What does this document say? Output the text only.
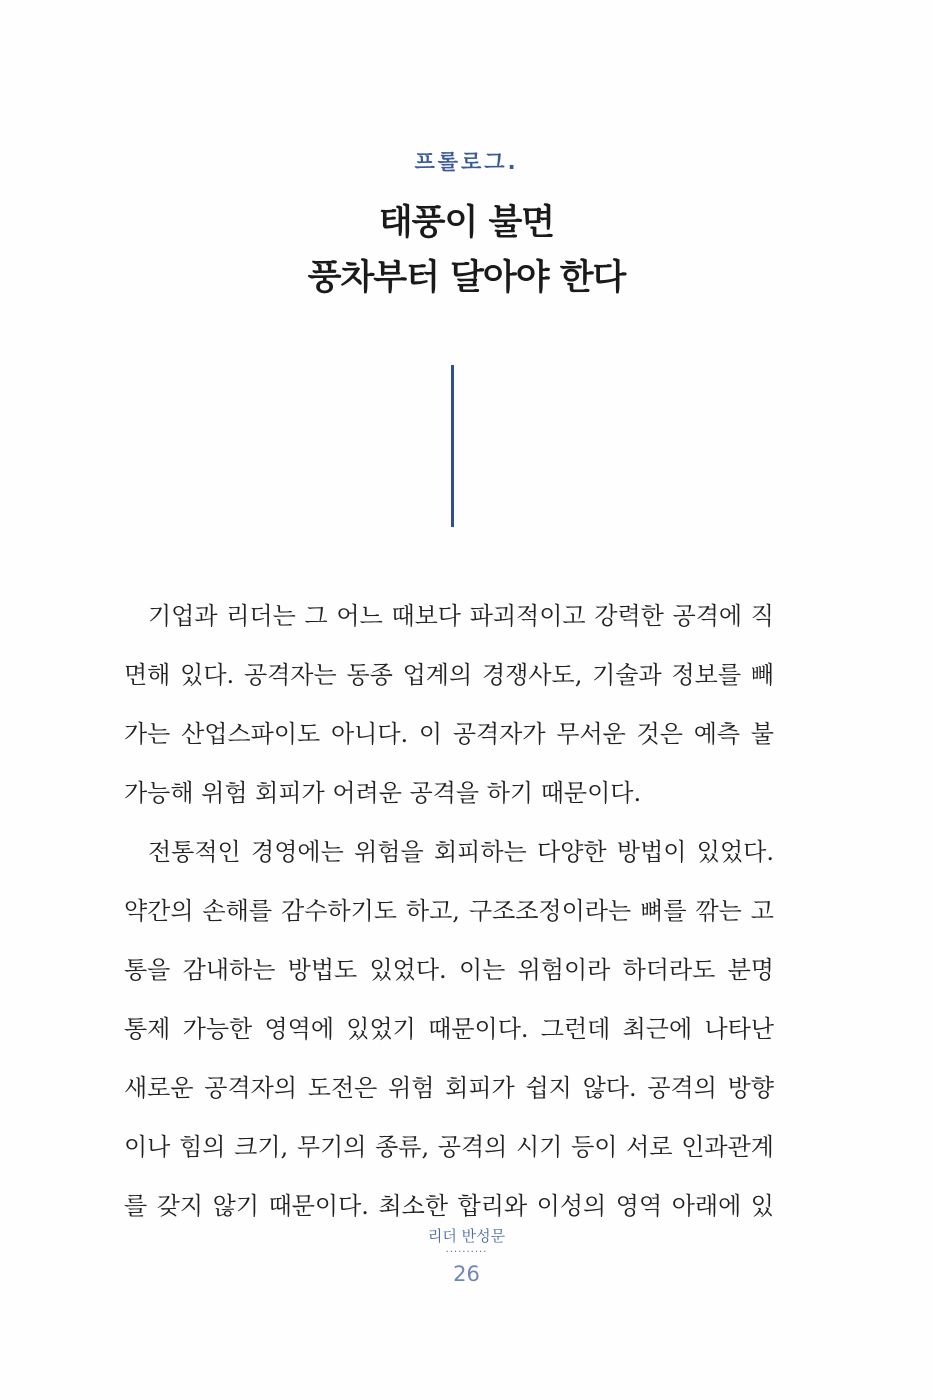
프롤로그.
태풍이 불면
풍차부터 달아야 한다
기업과 리더는 그 어느 때보다 파괴적이고 강력한 공격에 직
면해 있다. 공격자는 동종 업계의 경쟁사도, 기술과 정보를 빼
가는 산업스파이도 아니다. 이 공격자가 무서운 것은 예측 불
가능해 위험 회피가 어려운 공격을 하기 때문이다.
전통적인 경영에는 위험을 회피하는 다양한 방법이 있었다.
약간의 손해를 감수하기도 하고, 구조조정이라는 뼈를 깎는 고
통을 감내하는 방법도 있었다. 이는 위험이라 하더라도 분명
통제 가능한 영역에 있었기 때문이다. 그런데 최근에 나타난
새로운 공격자의 도전은 위험 회피가 쉽지 않다. 공격의 방향
이나 힘의 크기, 무기의 종류, 공격의 시기 등이 서로 인과관계
를 갖지 않기 때문이다. 최소한 합리와 이성의 영역 아래에 있
리더 반성문
··········
26
